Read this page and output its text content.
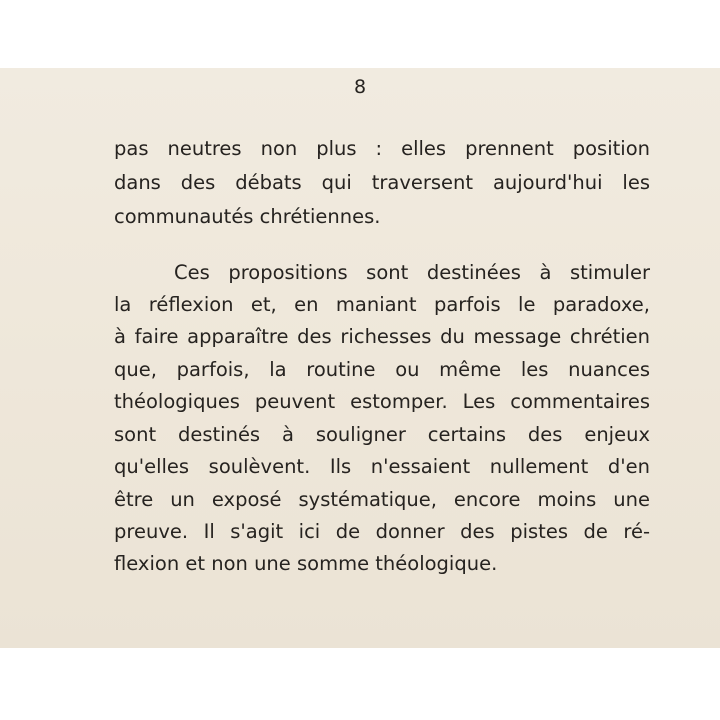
8
pas neutres non plus : elles prennent position
dans des débats qui traversent aujourd'hui les
communautés chrétiennes.
Ces propositions sont destinées à stimuler
la réflexion et, en maniant parfois le paradoxe,
à faire apparaître des richesses du message chrétien
que, parfois, la routine ou même les nuances
théologiques peuvent estomper. Les commentaires
sont destinés à souligner certains des enjeux
qu'elles soulèvent. Ils n'essaient nullement d'en
être un exposé systématique, encore moins une
preuve. Il s'agit ici de donner des pistes de ré-
flexion et non une somme théologique.
